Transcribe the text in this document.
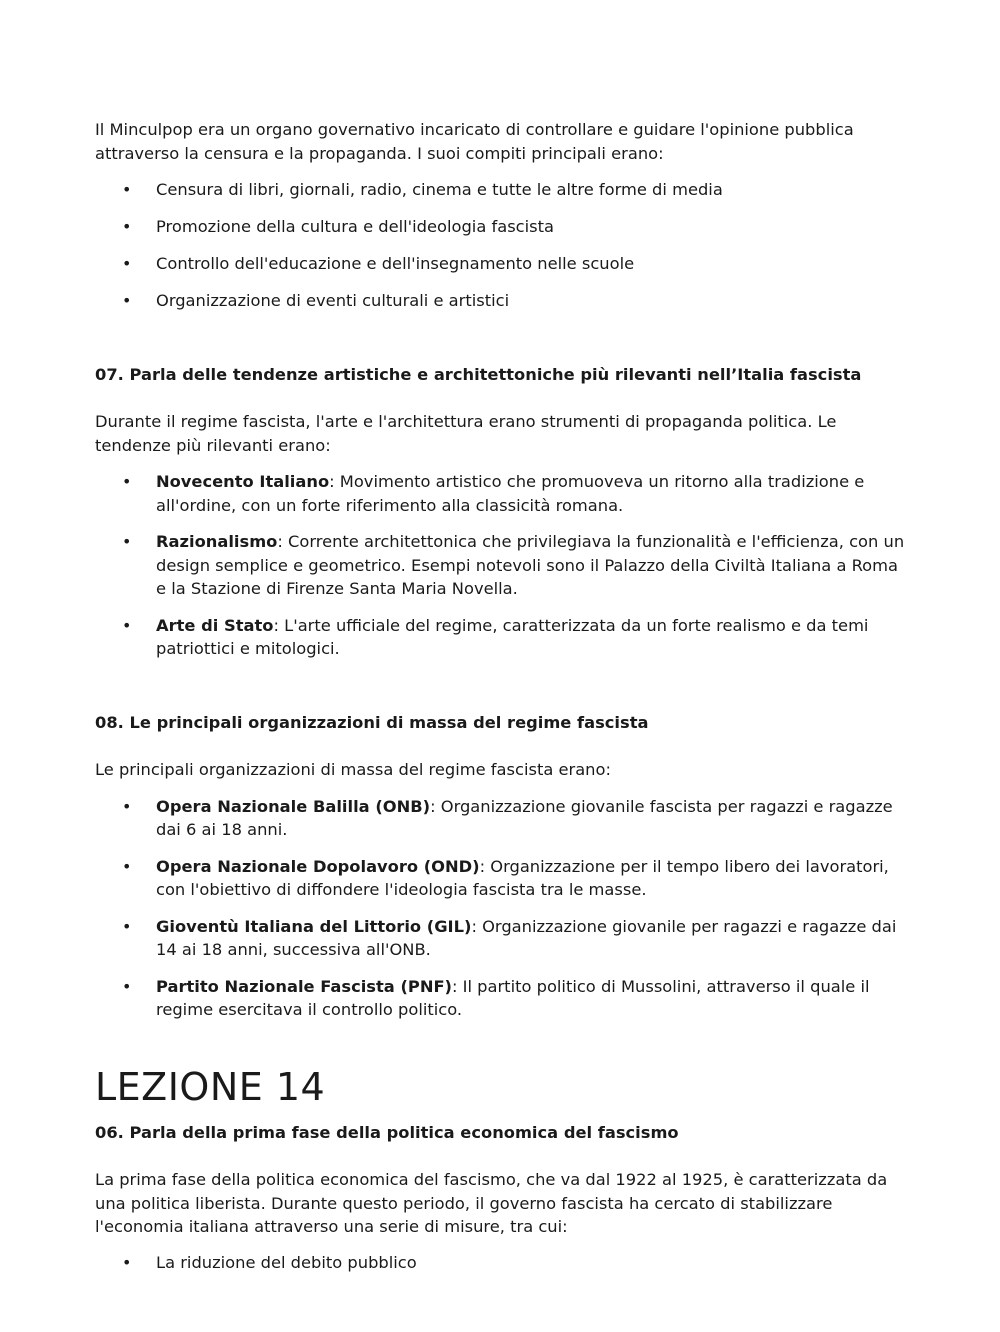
Il Minculpop era un organo governativo incaricato di controllare e guidare l'opinione pubblica attraverso la censura e la propaganda. I suoi compiti principali erano:

• Censura di libri, giornali, radio, cinema e tutte le altre forme di media
• Promozione della cultura e dell'ideologia fascista
• Controllo dell'educazione e dell'insegnamento nelle scuole
• Organizzazione di eventi culturali e artistici
07. Parla delle tendenze artistiche e architettoniche più rilevanti nell’Italia fascista

Durante il regime fascista, l'arte e l'architettura erano strumenti di propaganda politica. Le tendenze più rilevanti erano:

• Novecento Italiano: Movimento artistico che promuoveva un ritorno alla tradizione e all'ordine, con un forte riferimento alla classicità romana.
• Razionalismo: Corrente architettonica che privilegiava la funzionalità e l'efficienza, con un design semplice e geometrico. Esempi notevoli sono il Palazzo della Civiltà Italiana a Roma e la Stazione di Firenze Santa Maria Novella.
• Arte di Stato: L'arte ufficiale del regime, caratterizzata da un forte realismo e da temi patriottici e mitologici.
08. Le principali organizzazioni di massa del regime fascista

Le principali organizzazioni di massa del regime fascista erano:

• Opera Nazionale Balilla (ONB): Organizzazione giovanile fascista per ragazzi e ragazze dai 6 ai 18 anni.
• Opera Nazionale Dopolavoro (OND): Organizzazione per il tempo libero dei lavoratori, con l'obiettivo di diffondere l'ideologia fascista tra le masse.
• Gioventù Italiana del Littorio (GIL): Organizzazione giovanile per ragazzi e ragazze dai 14 ai 18 anni, successiva all'ONB.
• Partito Nazionale Fascista (PNF): Il partito politico di Mussolini, attraverso il quale il regime esercitava il controllo politico.
LEZIONE 14
06. Parla della prima fase della politica economica del fascismo

La prima fase della politica economica del fascismo, che va dal 1922 al 1925, è caratterizzata da una politica liberista. Durante questo periodo, il governo fascista ha cercato di stabilizzare l'economia italiana attraverso una serie di misure, tra cui:

• La riduzione del debito pubblico
